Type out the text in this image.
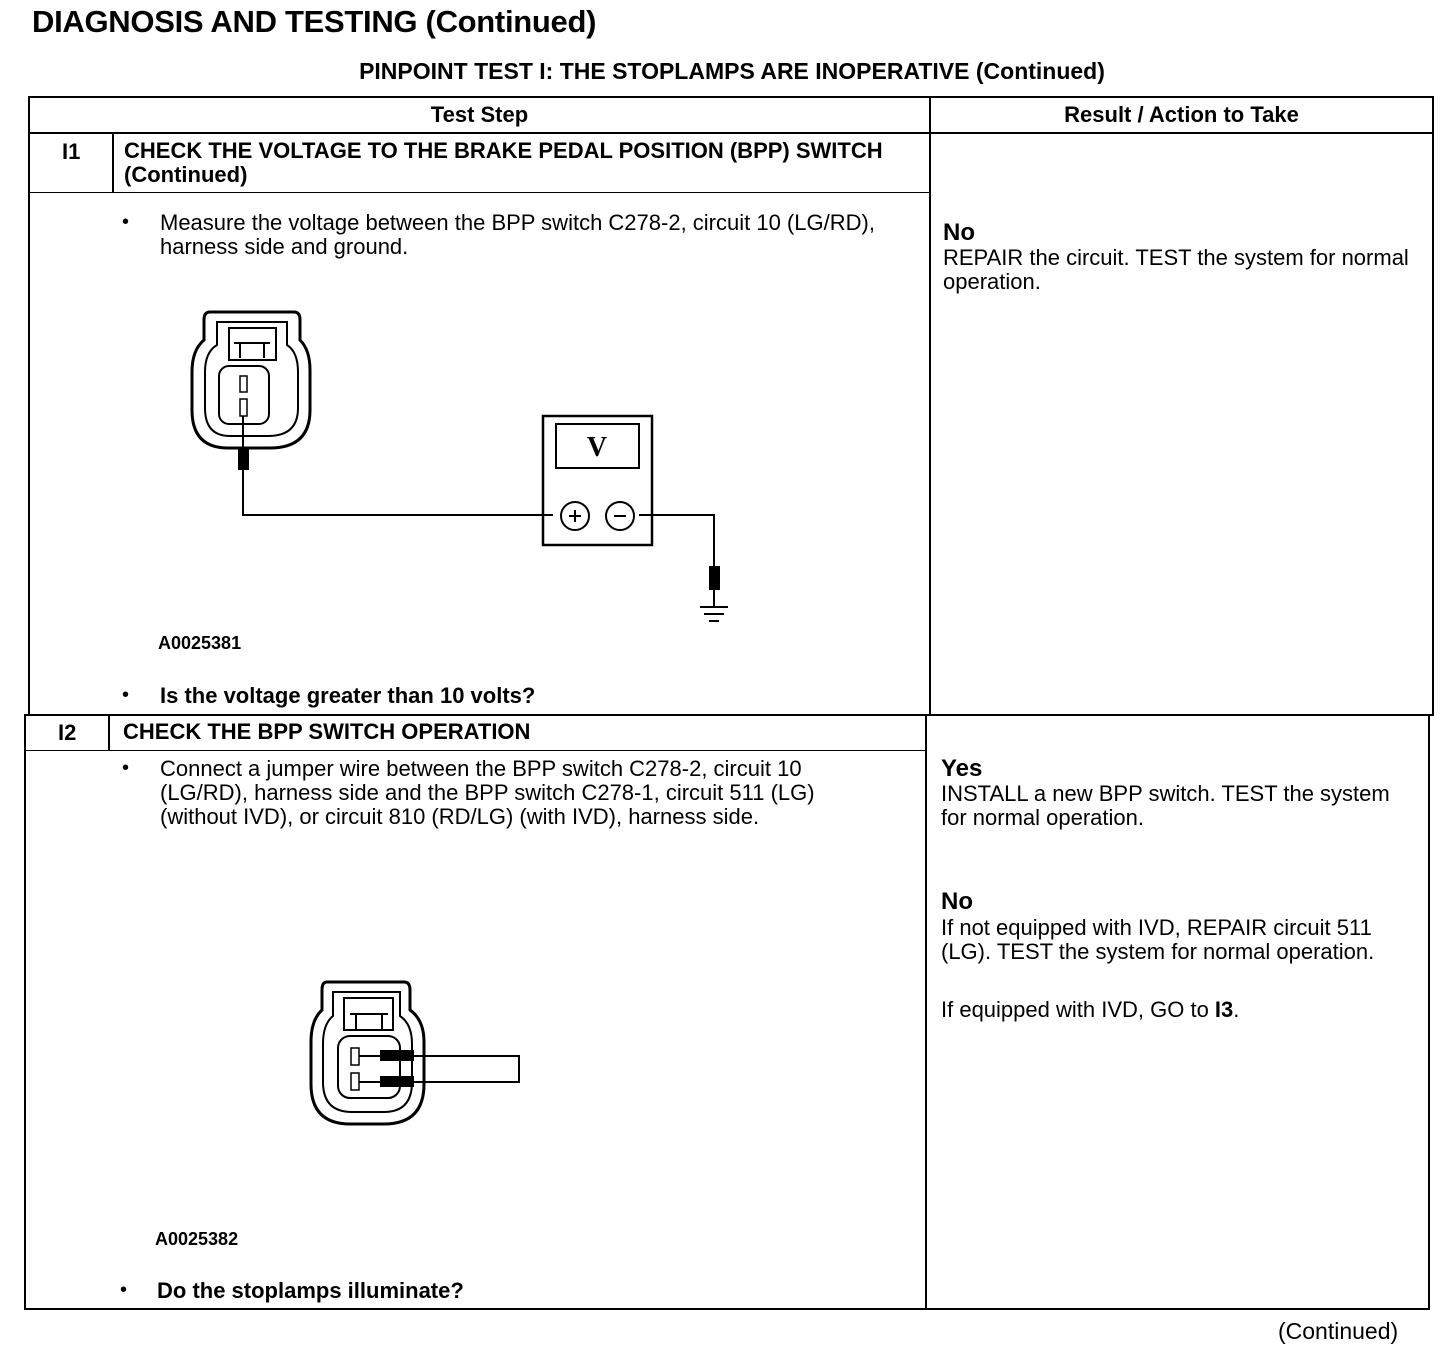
DIAGNOSIS AND TESTING (Continued)
PINPOINT TEST I: THE STOPLAMPS ARE INOPERATIVE (Continued)
Test Step	Result / Action to Take
I1 CHECK THE VOLTAGE TO THE BRAKE PEDAL POSITION (BPP) SWITCH (Continued)
• Measure the voltage between the BPP switch C278-2, circuit 10 (LG/RD), harness side and ground.
V
A0025381
• Is the voltage greater than 10 volts?
No
REPAIR the circuit. TEST the system for normal operation.
I2 CHECK THE BPP SWITCH OPERATION
• Connect a jumper wire between the BPP switch C278-2, circuit 10 (LG/RD), harness side and the BPP switch C278-1, circuit 511 (LG) (without IVD), or circuit 810 (RD/LG) (with IVD), harness side.
A0025382
• Do the stoplamps illuminate?
Yes
INSTALL a new BPP switch. TEST the system for normal operation.
No
If not equipped with IVD, REPAIR circuit 511 (LG). TEST the system for normal operation.
If equipped with IVD, GO to I3.
(Continued)
